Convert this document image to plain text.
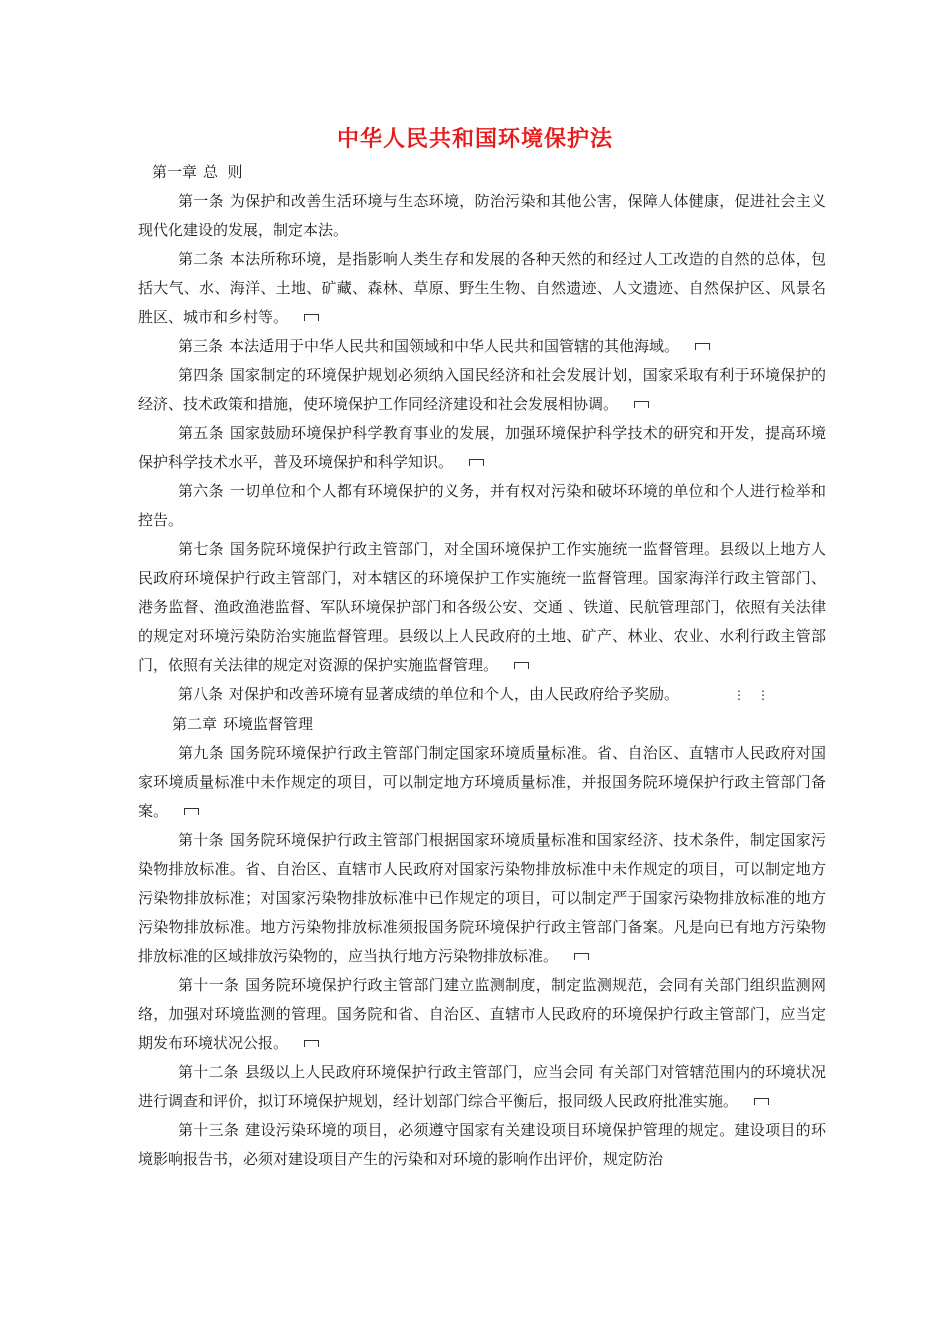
中华人民共和国环境保护法

第一章 总  则

第一条 为保护和改善生活环境与生态环境，防治污染和其他公害，保障人体健康，促进社会主义现代化建设的发展，制定本法。

第二条 本法所称环境，是指影响人类生存和发展的各种天然的和经过人工改造的自然的总体，包括大气、水、海洋、土地、矿藏、森林、草原、野生生物、自然遗迹、人文遗迹、自然保护区、风景名胜区、城市和乡村等。

第三条 本法适用于中华人民共和国领域和中华人民共和国管辖的其他海域。

第四条 国家制定的环境保护规划必须纳入国民经济和社会发展计划，国家采取有利于环境保护的经济、技术政策和措施，使环境保护工作同经济建设和社会发展相协调。

第五条 国家鼓励环境保护科学教育事业的发展，加强环境保护科学技术的研究和开发，提高环境保护科学技术水平，普及环境保护和科学知识。

第六条 一切单位和个人都有环境保护的义务，并有权对污染和破坏环境的单位和个人进行检举和控告。

第七条 国务院环境保护行政主管部门，对全国环境保护工作实施统一监督管理。县级以上地方人民政府环境保护行政主管部门，对本辖区的环境保护工作实施统一监督管理。国家海洋行政主管部门、港务监督、渔政渔港监督、军队环境保护部门和各级公安、交通 、铁道、民航管理部门，依照有关法律的规定对环境污染防治实施监督管理。县级以上人民政府的土地、矿产、林业、农业、水利行政主管部门，依照有关法律的规定对资源的保护实施监督管理。

第八条 对保护和改善环境有显著成绩的单位和个人，由人民政府给予奖励。	⋮⋮

第二章 环境监督管理

第九条 国务院环境保护行政主管部门制定国家环境质量标准。省、自治区、直辖市人民政府对国家环境质量标准中未作规定的项目，可以制定地方环境质量标准，并报国务院环境保护行政主管部门备案。

第十条 国务院环境保护行政主管部门根据国家环境质量标准和国家经济、技术条件，制定国家污染物排放标准。省、自治区、直辖市人民政府对国家污染物排放标准中未作规定的项目，可以制定地方污染物排放标准；对国家污染物排放标准中已作规定的项目，可以制定严于国家污染物排放标准的地方污染物排放标准。地方污染物排放标准须报国务院环境保护行政主管部门备案。凡是向已有地方污染物排放标准的区域排放污染物的，应当执行地方污染物排放标准。

第十一条 国务院环境保护行政主管部门建立监测制度，制定监测规范，会同有关部门组织监测网络，加强对环境监测的管理。国务院和省、自治区、直辖市人民政府的环境保护行政主管部门，应当定期发布环境状况公报。

第十二条 县级以上人民政府环境保护行政主管部门，应当会同 有关部门对管辖范围内的环境状况进行调查和评价，拟订环境保护规划，经计划部门综合平衡后，报同级人民政府批准实施。

第十三条 建设污染环境的项目，必须遵守国家有关建设项目环境保护管理的规定。建设项目的环境影响报告书，必须对建设项目产生的污染和对环境的影响作出评价，规定防治
